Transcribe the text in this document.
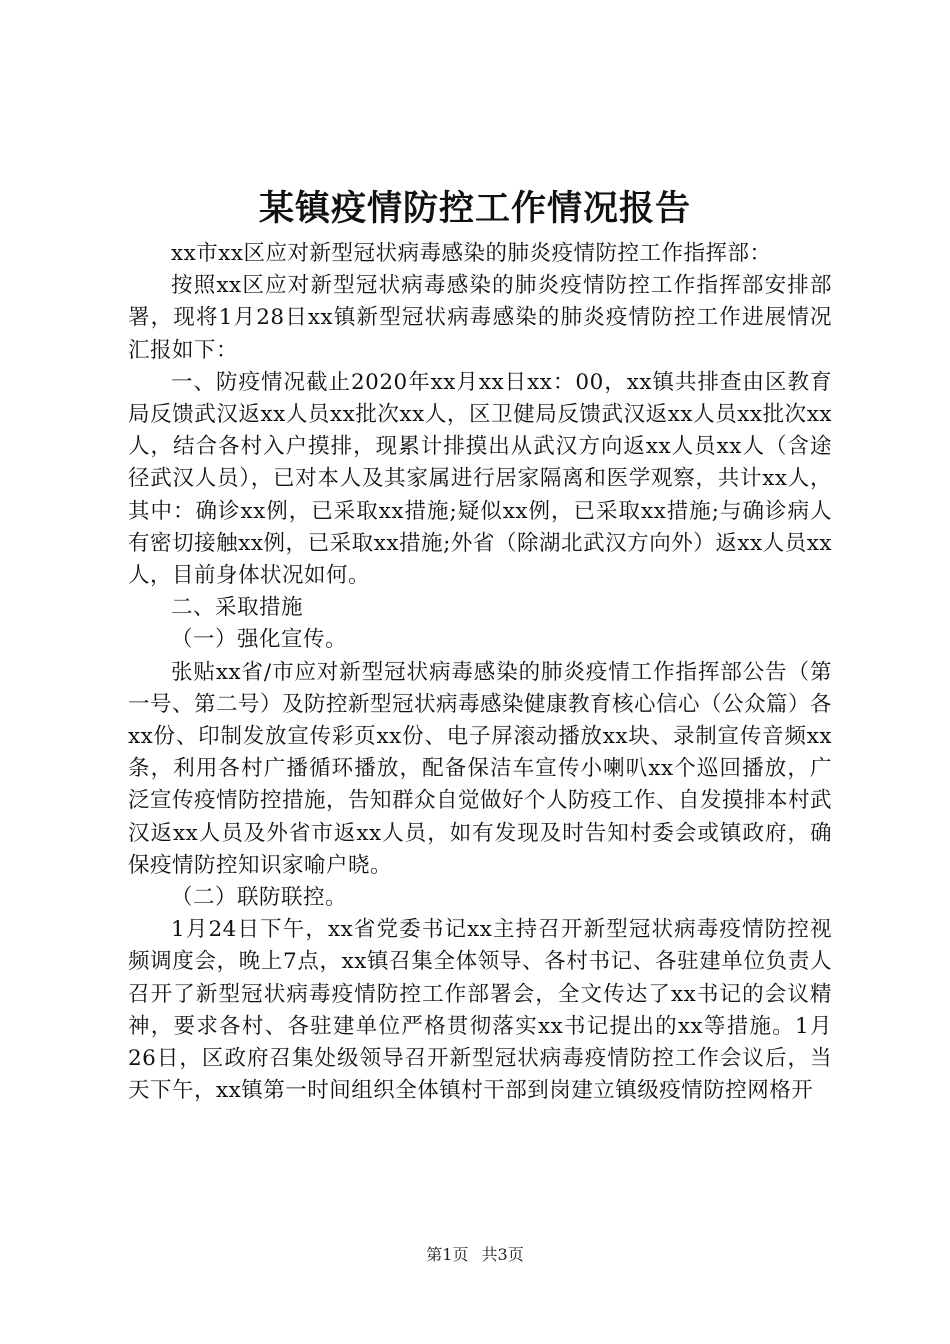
某镇疫情防控工作情况报告

xx市xx区应对新型冠状病毒感染的肺炎疫情防控工作指挥部：

按照xx区应对新型冠状病毒感染的肺炎疫情防控工作指挥部安排部署，现将1月28日xx镇新型冠状病毒感染的肺炎疫情防控工作进展情况汇报如下：

一、防疫情况截止2020年xx月xx日xx：00，xx镇共排查由区教育局反馈武汉返xx人员xx批次xx人，区卫健局反馈武汉返xx人员xx批次xx人，结合各村入户摸排，现累计排摸出从武汉方向返xx人员xx人（含途径武汉人员），已对本人及其家属进行居家隔离和医学观察，共计xx人，其中：确诊xx例，已采取xx措施;疑似xx例，已采取xx措施;与确诊病人有密切接触xx例，已采取xx措施;外省（除湖北武汉方向外）返xx人员xx人，目前身体状况如何。

二、采取措施

（一）强化宣传。

张贴xx省/市应对新型冠状病毒感染的肺炎疫情工作指挥部公告（第一号、第二号）及防控新型冠状病毒感染健康教育核心信心（公众篇）各xx份、印制发放宣传彩页xx份、电子屏滚动播放xx块、录制宣传音频xx条，利用各村广播循环播放，配备保洁车宣传小喇叭xx个巡回播放，广泛宣传疫情防控措施，告知群众自觉做好个人防疫工作、自发摸排本村武汉返xx人员及外省市返xx人员，如有发现及时告知村委会或镇政府，确保疫情防控知识家喻户晓。

（二）联防联控。

1月24日下午，xx省党委书记xx主持召开新型冠状病毒疫情防控视频调度会，晚上7点，xx镇召集全体领导、各村书记、各驻建单位负责人召开了新型冠状病毒疫情防控工作部署会，全文传达了xx书记的会议精神，要求各村、各驻建单位严格贯彻落实xx书记提出的xx等措施。1月26日，区政府召集处级领导召开新型冠状病毒疫情防控工作会议后，当天下午，xx镇第一时间组织全体镇村干部到岗建立镇级疫情防控网格开

第1页 共3页
